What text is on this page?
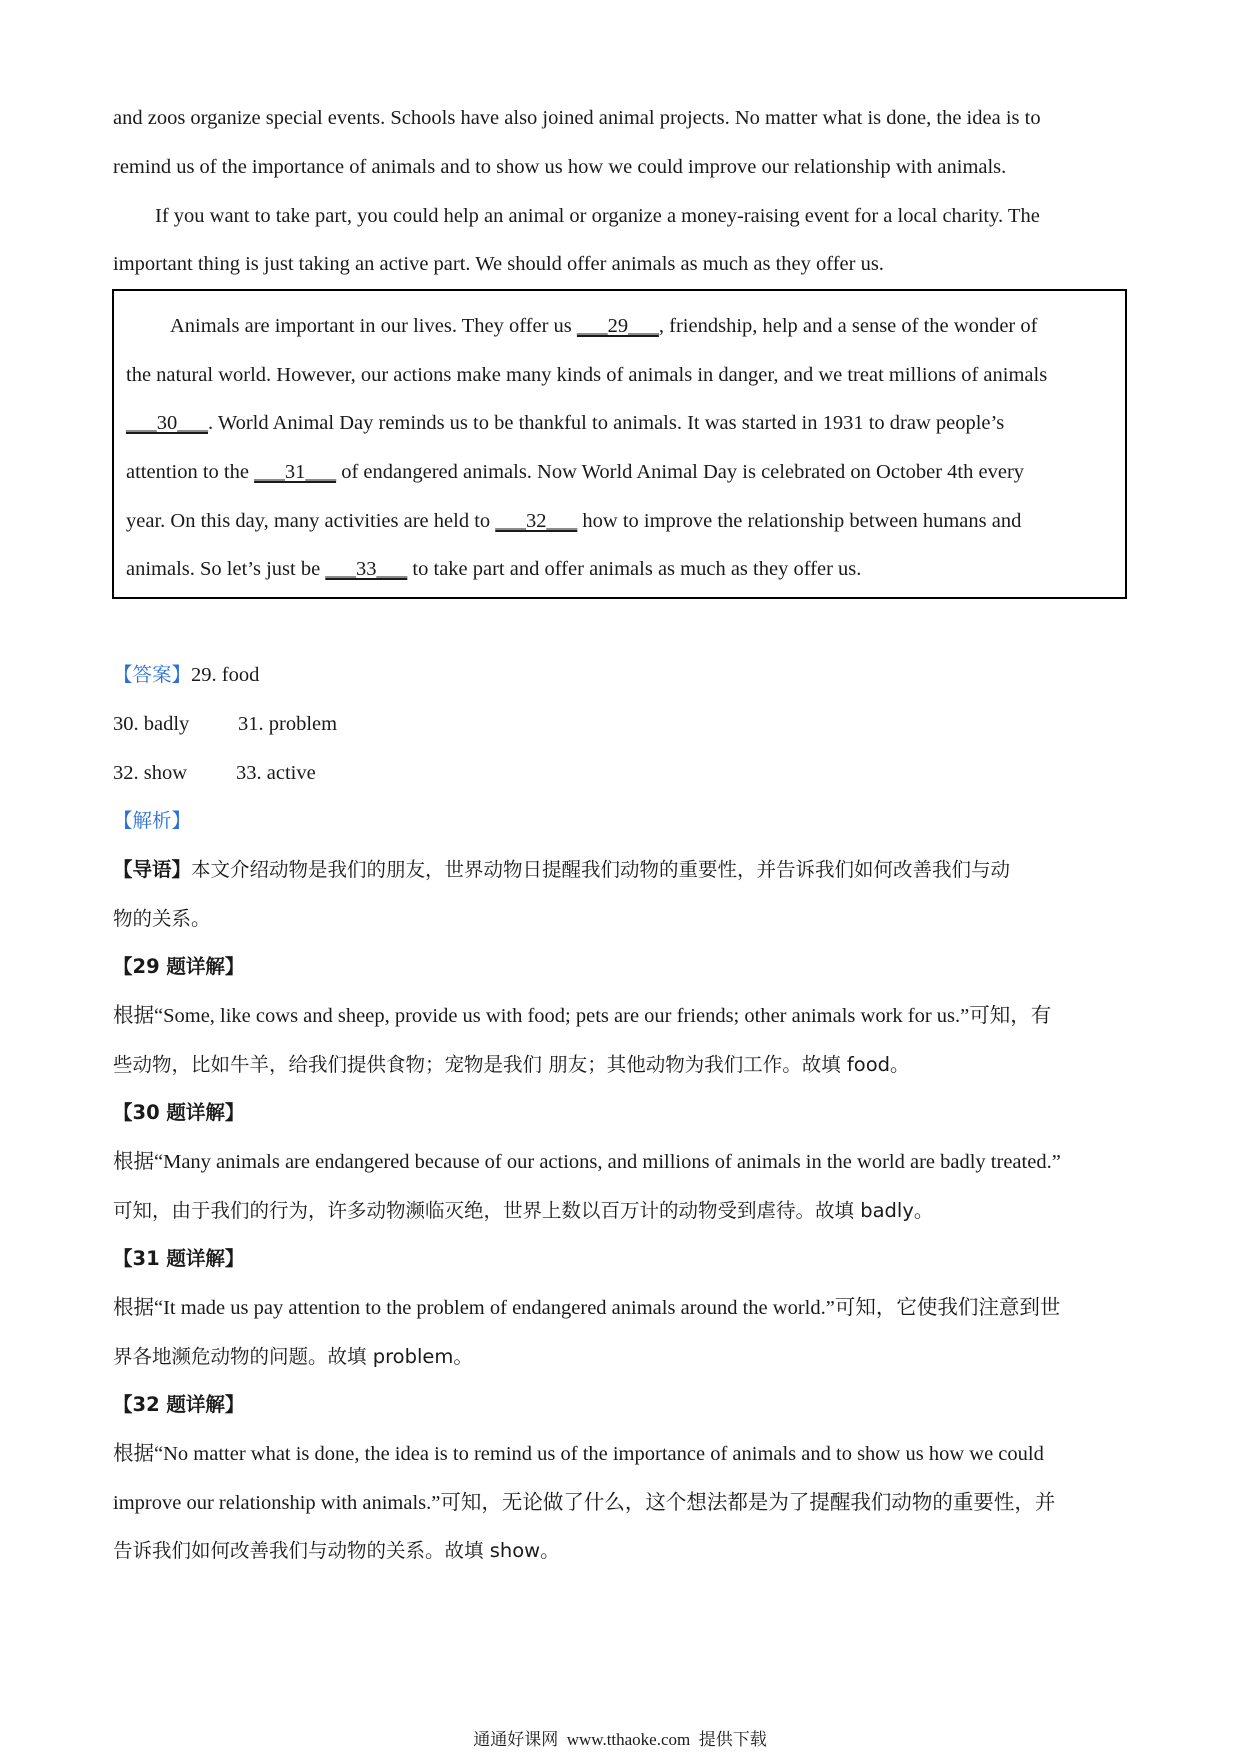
and zoos organize special events. Schools have also joined animal projects. No matter what is done, the idea is to
remind us of the importance of animals and to show us how we could improve our relationship with animals.
If you want to take part, you could help an animal or organize a money-raising event for a local charity. The
important thing is just taking an active part. We should offer animals as much as they offer us.
Animals are important in our lives. They offer us ___29___, friendship, help and a sense of the wonder of
the natural world. However, our actions make many kinds of animals in danger, and we treat millions of animals
___30___. World Animal Day reminds us to be thankful to animals. It was started in 1931 to draw people’s
attention to the ___31___ of endangered animals. Now World Animal Day is celebrated on October 4th every
year. On this day, many activities are held to ___32___ how to improve the relationship between humans and
animals. So let’s just be ___33___ to take part and offer animals as much as they offer us.
【答案】29. food
30. badly 31. problem
32. show 33. active
【解析】
【导语】本文介绍动物是我们的朋友，世界动物日提醒我们动物的重要性，并告诉我们如何改善我们与动
物的关系。
【29 题详解】
根据“Some, like cows and sheep, provide us with food; pets are our friends; other animals work for us.”可知，有
些动物，比如牛羊，给我们提供食物；宠物是我们 朋友；其他动物为我们工作。故填 food。
【30 题详解】
根据“Many animals are endangered because of our actions, and millions of animals in the world are badly treated.”
可知，由于我们的行为，许多动物濒临灭绝，世界上数以百万计的动物受到虐待。故填 badly。
【31 题详解】
根据“It made us pay attention to the problem of endangered animals around the world.”可知，它使我们注意到世
界各地濒危动物的问题。故填 problem。
【32 题详解】
根据“No matter what is done, the idea is to remind us of the importance of animals and to show us how we could
improve our relationship with animals.”可知，无论做了什么，这个想法都是为了提醒我们动物的重要性，并
告诉我们如何改善我们与动物的关系。故填 show。
通通好课网  www.tthaoke.com  提供下载
